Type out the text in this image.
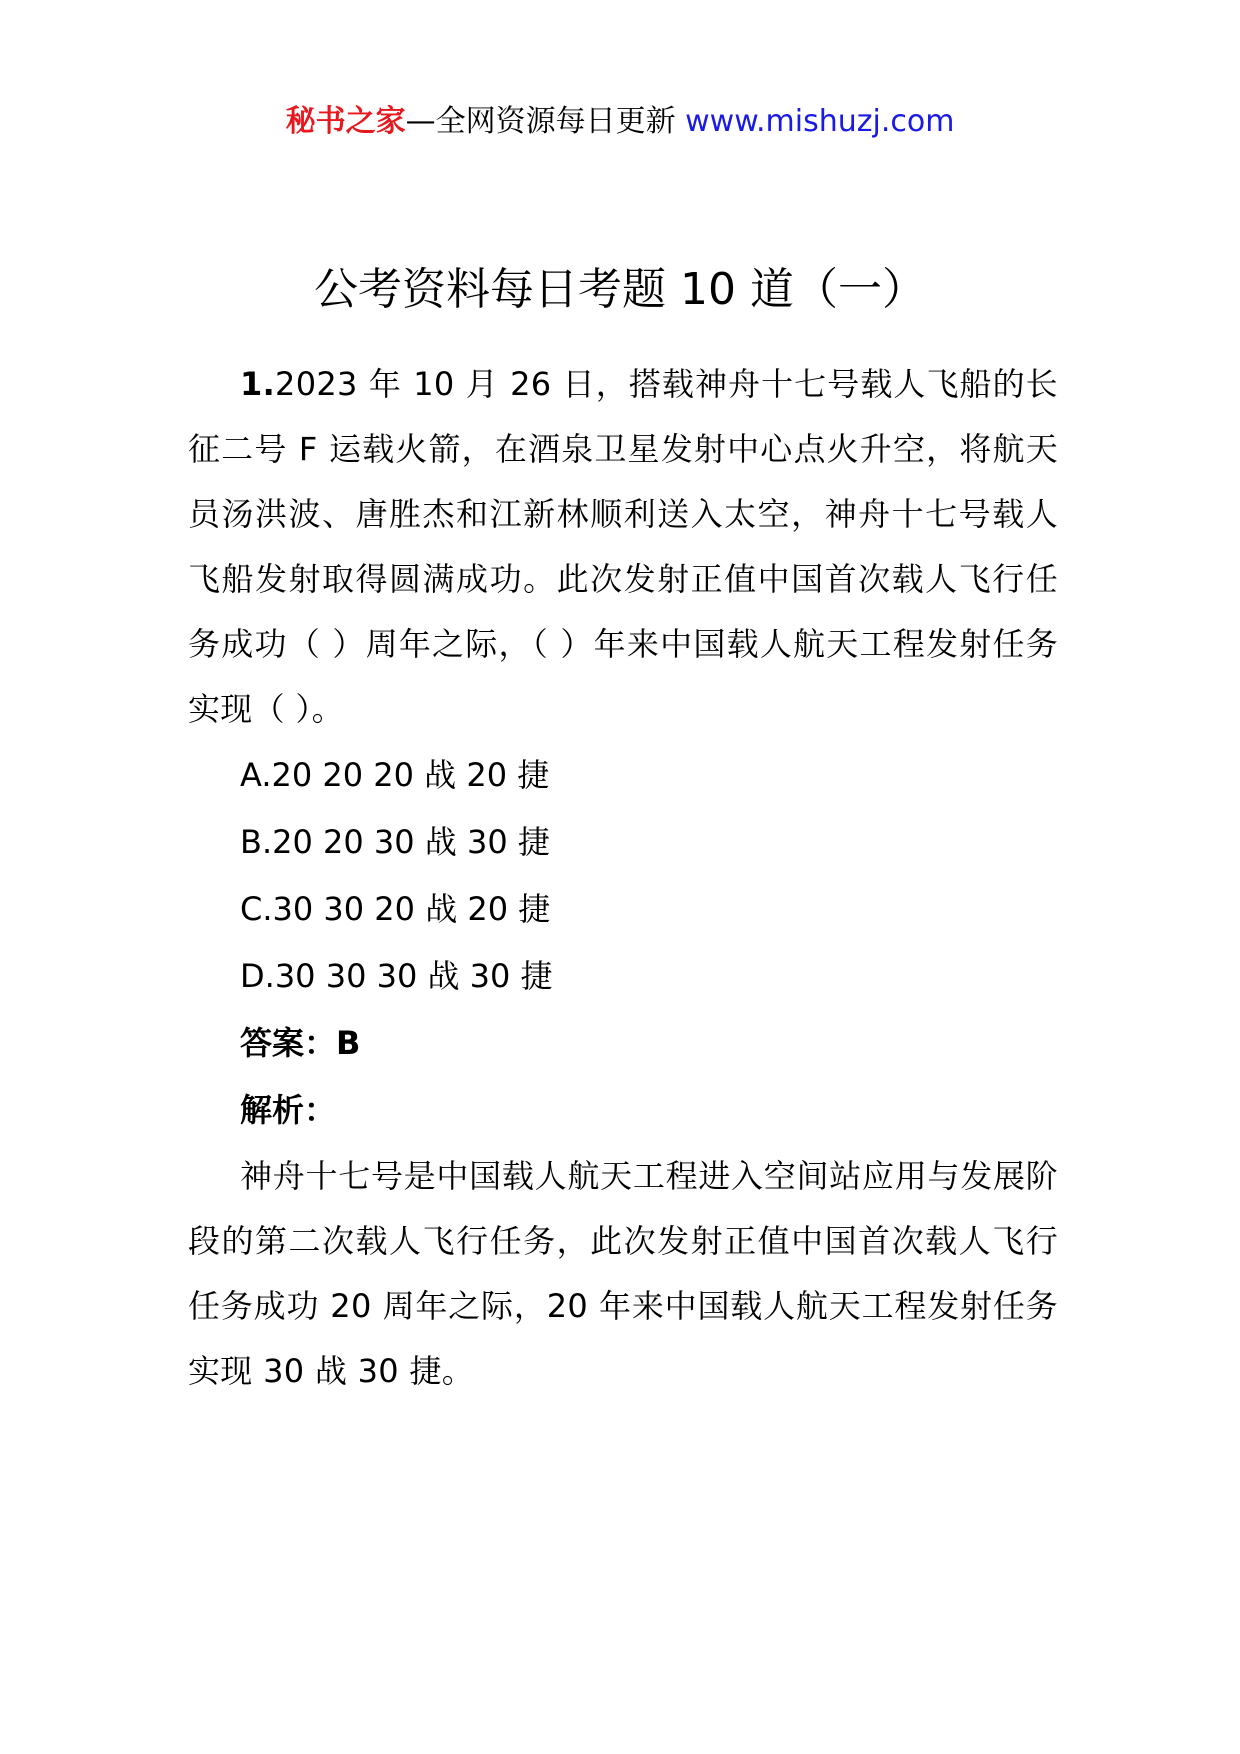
秘书之家—全网资源每日更新 www.mishuzj.com
公考资料每日考题 10 道（一）

1.2023 年 10 月 26 日，搭载神舟十七号载人飞船的长征二号 F 运载火箭，在酒泉卫星发射中心点火升空，将航天员汤洪波、唐胜杰和江新林顺利送入太空，神舟十七号载人飞船发射取得圆满成功。此次发射正值中国首次载人飞行任务成功（ ）周年之际，（ ）年来中国载人航天工程发射任务实现（ ）。

A.20 20 20 战 20 捷

B.20 20 30 战 30 捷

C.30 30 20 战 20 捷

D.30 30 30 战 30 捷

答案：B

解析：

神舟十七号是中国载人航天工程进入空间站应用与发展阶段的第二次载人飞行任务，此次发射正值中国首次载人飞行任务成功 20 周年之际，20 年来中国载人航天工程发射任务实现 30 战 30 捷。
